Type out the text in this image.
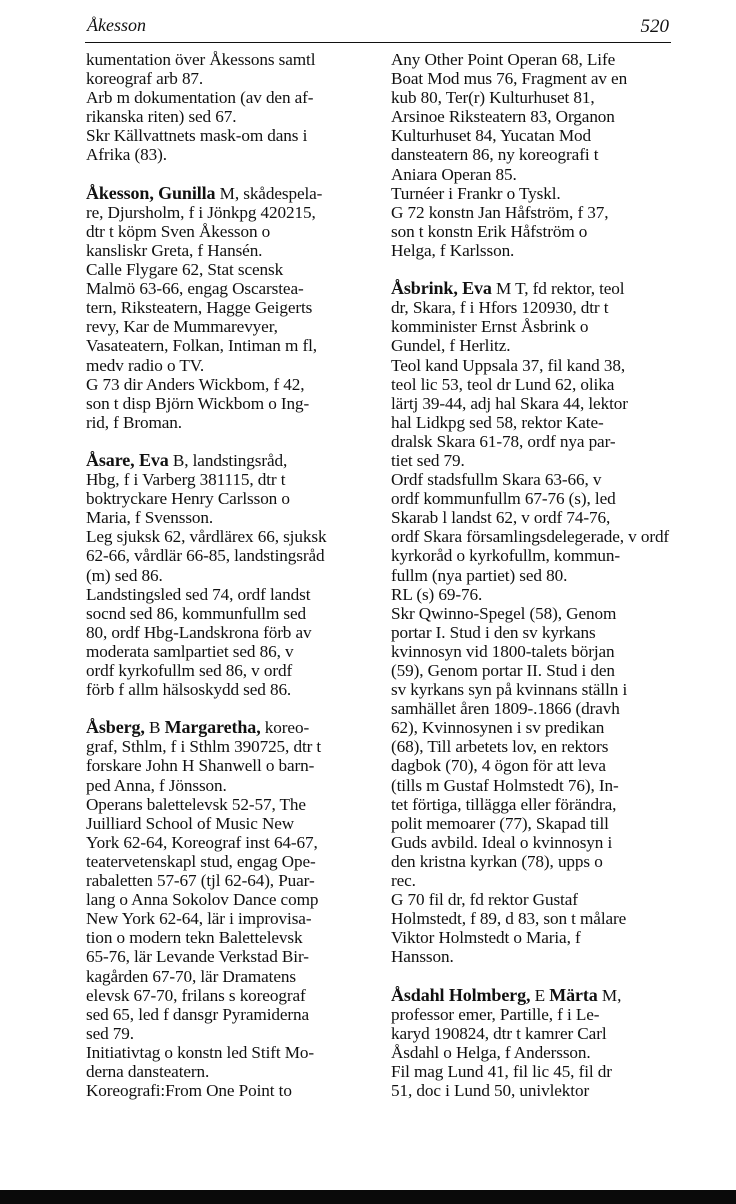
Åkesson	520
kumentation över Åkessons samtl
koreograf arb 87.
Arb m dokumentation (av den af-
rikanska riten) sed 67.
Skr Källvattnets mask-om dans i
Afrika (83).
Åkesson, Gunilla M, skådespela-
re, Djursholm, f i Jönkpg 420215,
dtr t köpm Sven Åkesson o
kansliskr Greta, f Hansén.
Calle Flygare 62, Stat scensk
Malmö 63-66, engag Oscarstea-
tern, Riksteatern, Hagge Geigerts
revy, Kar de Mummarevyer,
Vasateatern, Folkan, Intiman m fl,
medv radio o TV.
G 73 dir Anders Wickbom, f 42,
son t disp Björn Wickbom o Ing-
rid, f Broman.
Åsare, Eva B, landstingsråd,
Hbg, f i Varberg 381115, dtr t
boktryckare Henry Carlsson o
Maria, f Svensson.
Leg sjuksk 62, vårdlärex 66, sjuksk
62-66, vårdlär 66-85, landstingsråd
(m) sed 86.
Landstingsled sed 74, ordf landst
socnd sed 86, kommunfullm sed
80, ordf Hbg-Landskrona förb av
moderata samlpartiet sed 86, v
ordf kyrkofullm sed 86, v ordf
förb f allm hälsoskydd sed 86.
Åsberg, B Margaretha, koreo-
graf, Sthlm, f i Sthlm 390725, dtr t
forskare John H Shanwell o barn-
ped Anna, f Jönsson.
Operans balettelevsk 52-57, The
Juilliard School of Music New
York 62-64, Koreograf inst 64-67,
teatervetenskapl stud, engag Ope-
rabaletten 57-67 (tjl 62-64), Puar-
lang o Anna Sokolov Dance comp
New York 62-64, lär i improvisa-
tion o modern tekn Balettelevsk
65-76, lär Levande Verkstad Bir-
kagården 67-70, lär Dramatens
elevsk 67-70, frilans s koreograf
sed 65, led f dansgr Pyramiderna
sed 79.
Initiativtag o konstn led Stift Mo-
derna dansteatern.
Koreografi:From One Point to
Any Other Point Operan 68, Life
Boat Mod mus 76, Fragment av en
kub 80, Ter(r) Kulturhuset 81,
Arsinoe Riksteatern 83, Organon
Kulturhuset 84, Yucatan Mod
dansteatern 86, ny koreografi t
Aniara Operan 85.
Turnéer i Frankr o Tyskl.
G 72 konstn Jan Håfström, f 37,
son t konstn Erik Håfström o
Helga, f Karlsson.
Åsbrink, Eva M T, fd rektor, teol
dr, Skara, f i Hfors 120930, dtr t
komminister Ernst Åsbrink o
Gundel, f Herlitz.
Teol kand Uppsala 37, fil kand 38,
teol lic 53, teol dr Lund 62, olika
lärtj 39-44, adj hal Skara 44, lektor
hal Lidkpg sed 58, rektor Kate-
dralsk Skara 61-78, ordf nya par-
tiet sed 79.
Ordf stadsfullm Skara 63-66, v
ordf kommunfullm 67-76 (s), led
Skarab l landst 62, v ordf 74-76,
ordf Skara församlingsdelegerade, v ordf
kyrkoråd o kyrkofullm, kommun-
fullm (nya partiet) sed 80.
RL (s) 69-76.
Skr Qwinno-Spegel (58), Genom
portar I. Stud i den sv kyrkans
kvinnosyn vid 1800-talets början
(59), Genom portar II. Stud i den
sv kyrkans syn på kvinnans ställn i
samhället åren 1809-.1866 (dravh
62), Kvinnosynen i sv predikan
(68), Till arbetets lov, en rektors
dagbok (70), 4 ögon för att leva
(tills m Gustaf Holmstedt 76), In-
tet förtiga, tillägga eller förändra,
polit memoarer (77), Skapad till
Guds avbild. Ideal o kvinnosyn i
den kristna kyrkan (78), upps o
rec.
G 70 fil dr, fd rektor Gustaf
Holmstedt, f 89, d 83, son t målare
Viktor Holmstedt o Maria, f
Hansson.
Åsdahl Holmberg, E Märta M,
professor emer, Partille, f i Le-
karyd 190824, dtr t kamrer Carl
Åsdahl o Helga, f Andersson.
Fil mag Lund 41, fil lic 45, fil dr
51, doc i Lund 50, univlektor
